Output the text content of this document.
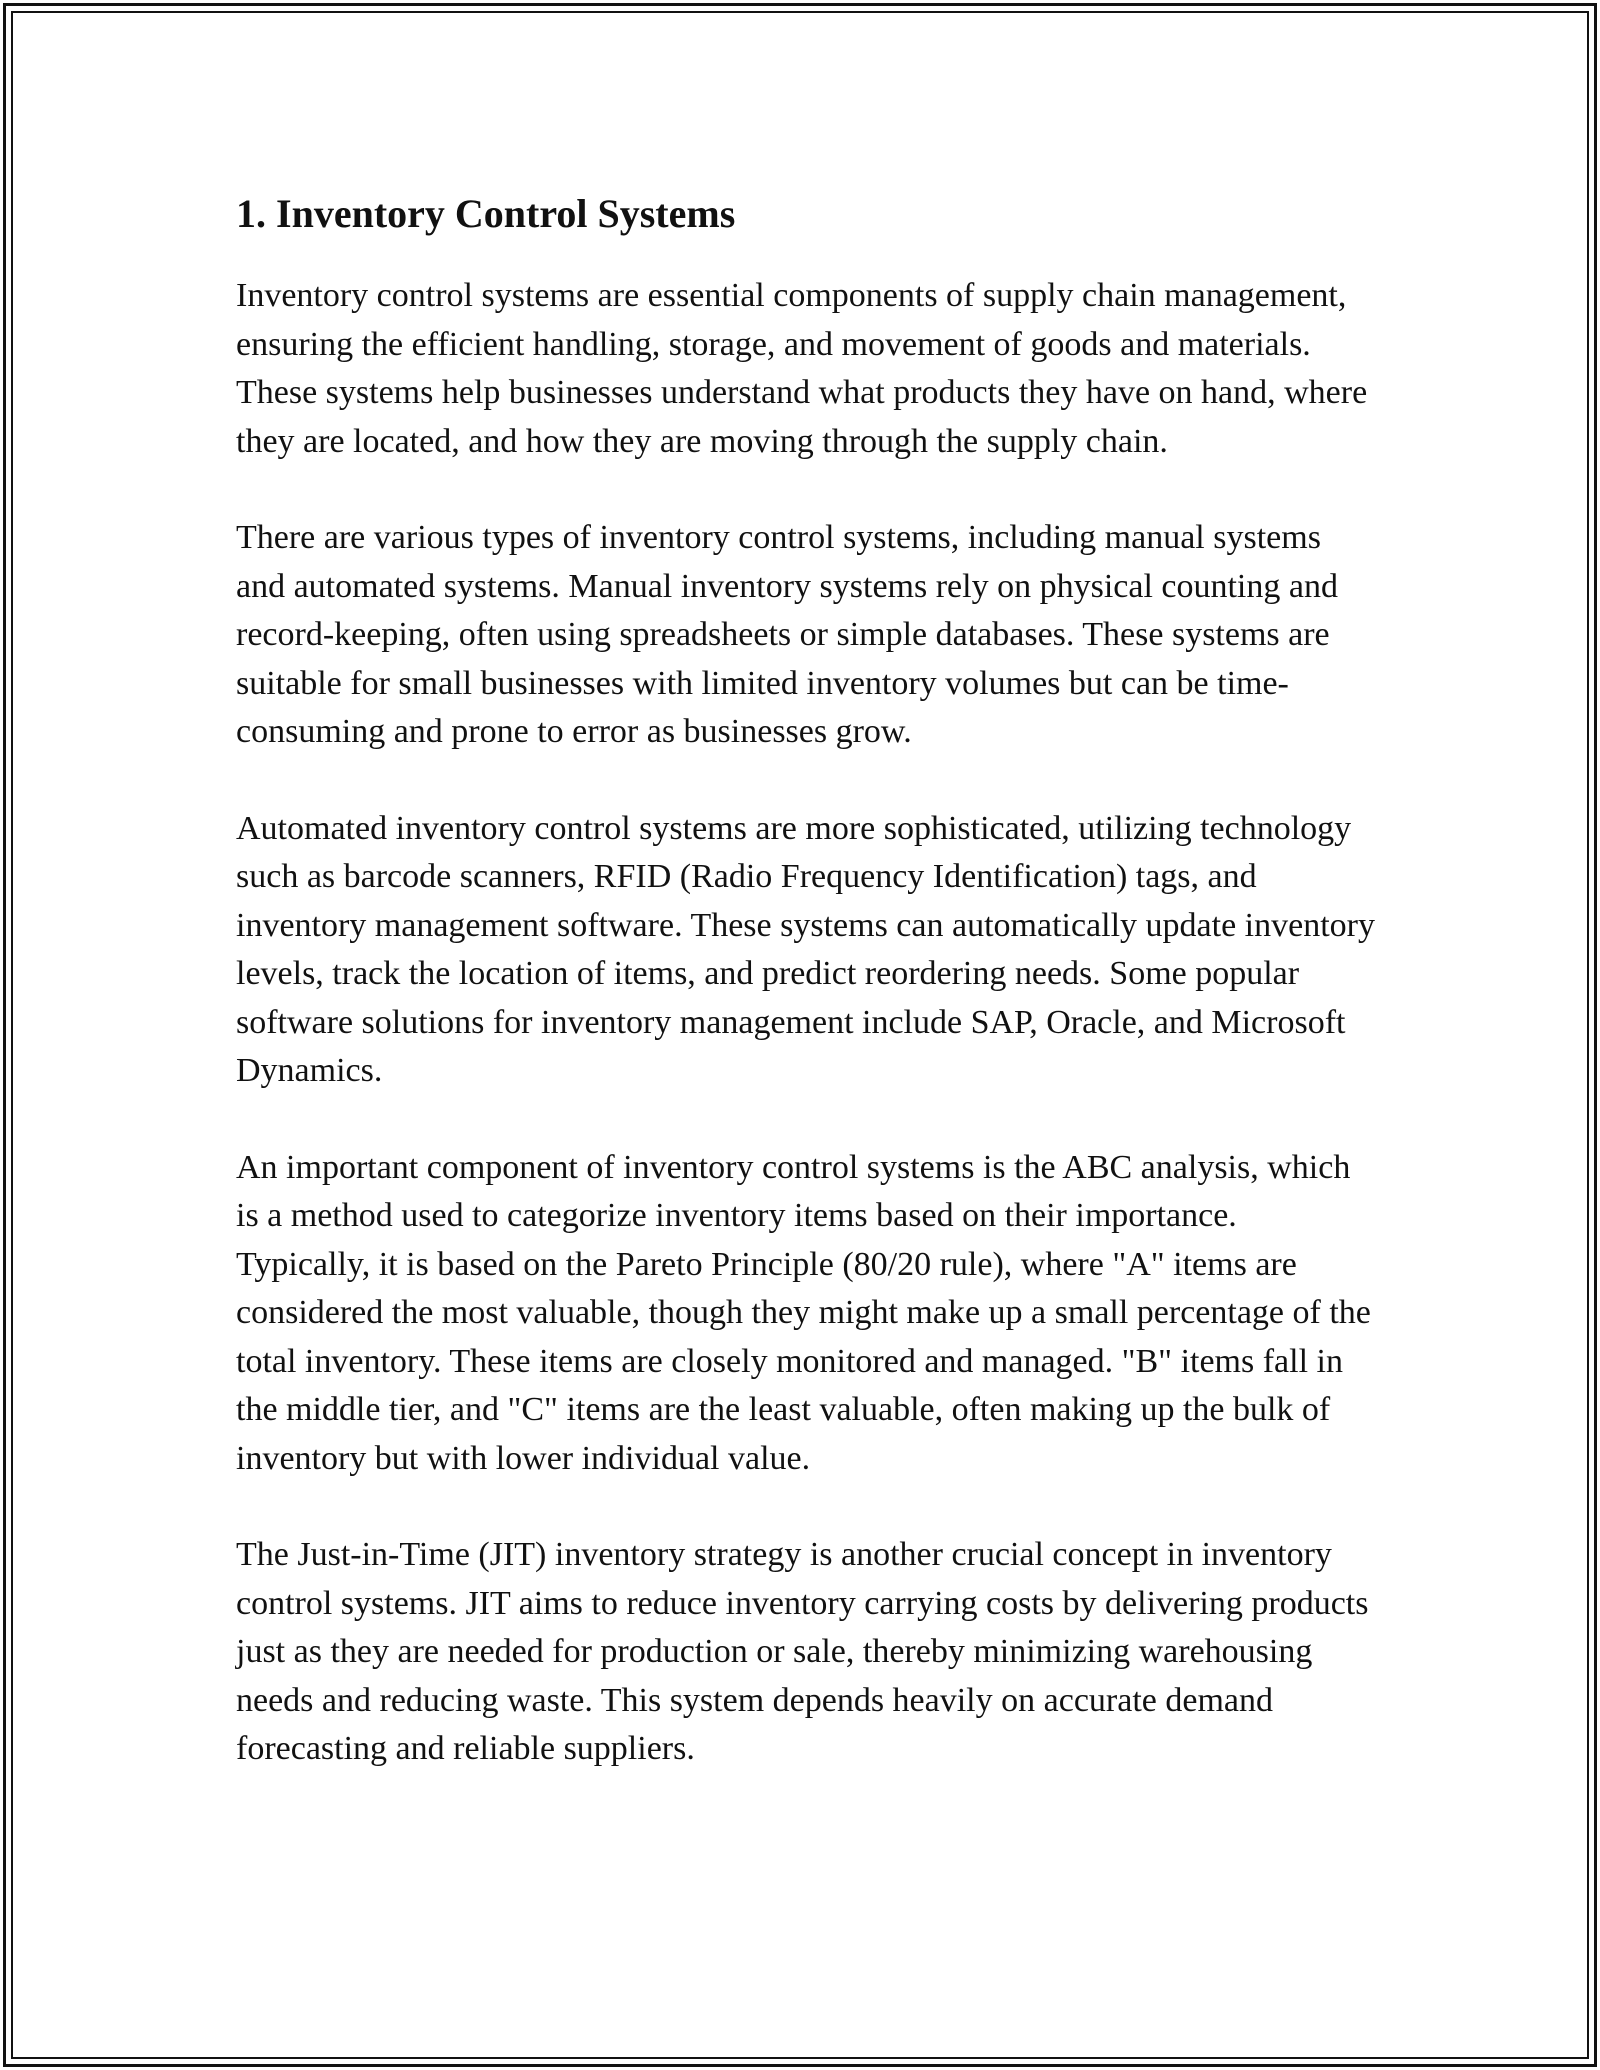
1. Inventory Control Systems

Inventory control systems are essential components of supply chain management, ensuring the efficient handling, storage, and movement of goods and materials. These systems help businesses understand what products they have on hand, where they are located, and how they are moving through the supply chain.

There are various types of inventory control systems, including manual systems and automated systems. Manual inventory systems rely on physical counting and record-keeping, often using spreadsheets or simple databases. These systems are suitable for small businesses with limited inventory volumes but can be time-consuming and prone to error as businesses grow.

Automated inventory control systems are more sophisticated, utilizing technology such as barcode scanners, RFID (Radio Frequency Identification) tags, and inventory management software. These systems can automatically update inventory levels, track the location of items, and predict reordering needs. Some popular software solutions for inventory management include SAP, Oracle, and Microsoft Dynamics.

An important component of inventory control systems is the ABC analysis, which is a method used to categorize inventory items based on their importance. Typically, it is based on the Pareto Principle (80/20 rule), where "A" items are considered the most valuable, though they might make up a small percentage of the total inventory. These items are closely monitored and managed. "B" items fall in the middle tier, and "C" items are the least valuable, often making up the bulk of inventory but with lower individual value.

The Just-in-Time (JIT) inventory strategy is another crucial concept in inventory control systems. JIT aims to reduce inventory carrying costs by delivering products just as they are needed for production or sale, thereby minimizing warehousing needs and reducing waste. This system depends heavily on accurate demand forecasting and reliable suppliers.
